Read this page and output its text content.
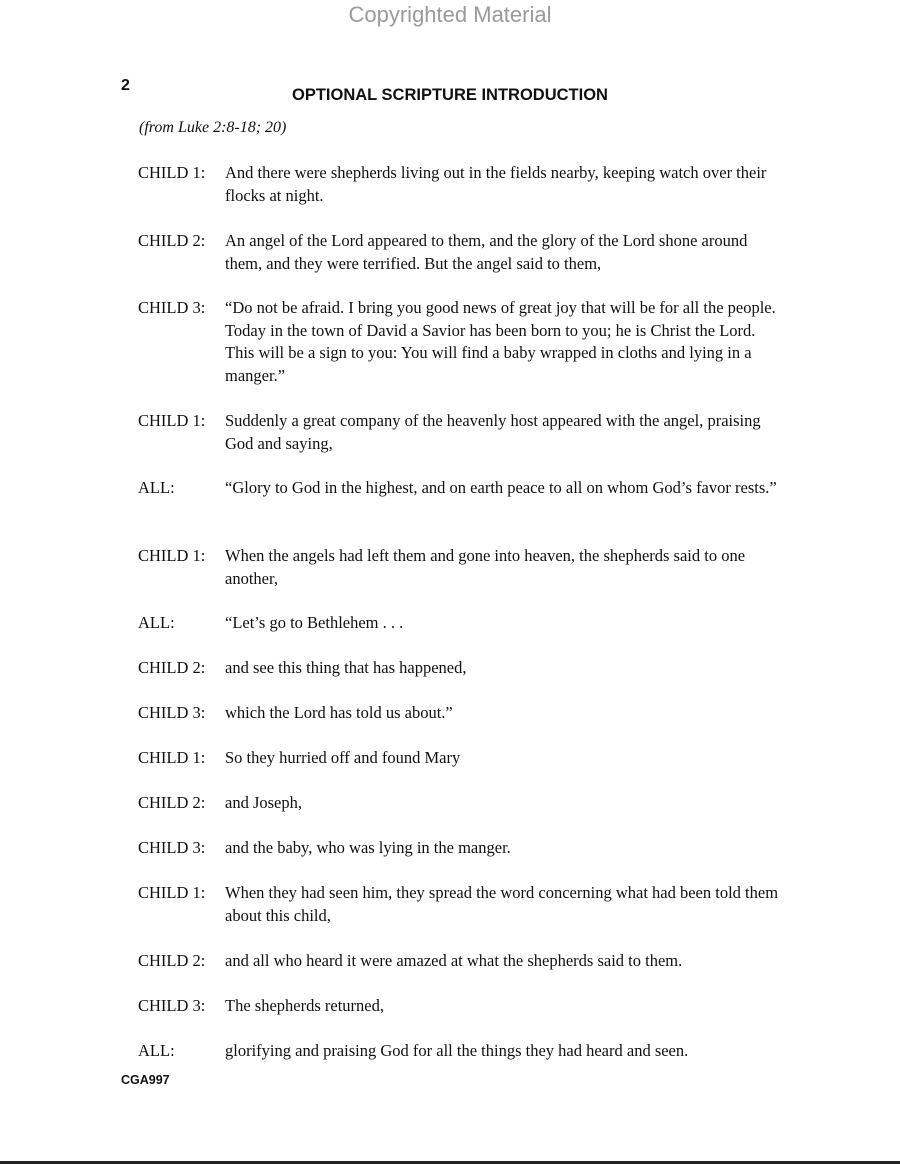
Copyrighted Material
2
OPTIONAL SCRIPTURE INTRODUCTION
(from Luke 2:8-18; 20)
CHILD 1: And there were shepherds living out in the fields nearby, keeping watch over their flocks at night.
CHILD 2: An angel of the Lord appeared to them, and the glory of the Lord shone around them, and they were terrified. But the angel said to them,
CHILD 3: “Do not be afraid. I bring you good news of great joy that will be for all the people. Today in the town of David a Savior has been born to you; he is Christ the Lord. This will be a sign to you: You will find a baby wrapped in cloths and lying in a manger.”
CHILD 1: Suddenly a great company of the heavenly host appeared with the angel, praising God and saying,
ALL:	“Glory to God in the highest, and on earth peace to all on whom God’s favor rests.”
CHILD 1: When the angels had left them and gone into heaven, the shepherds said to one another,
ALL:	“Let’s go to Bethlehem . . .
CHILD 2: and see this thing that has happened,
CHILD 3: which the Lord has told us about.”
CHILD 1: So they hurried off and found Mary
CHILD 2: and Joseph,
CHILD 3: and the baby, who was lying in the manger.
CHILD 1: When they had seen him, they spread the word concerning what had been told them about this child,
CHILD 2: and all who heard it were amazed at what the shepherds said to them.
CHILD 3: The shepherds returned,
ALL:	glorifying and praising God for all the things they had heard and seen.
CGA997
